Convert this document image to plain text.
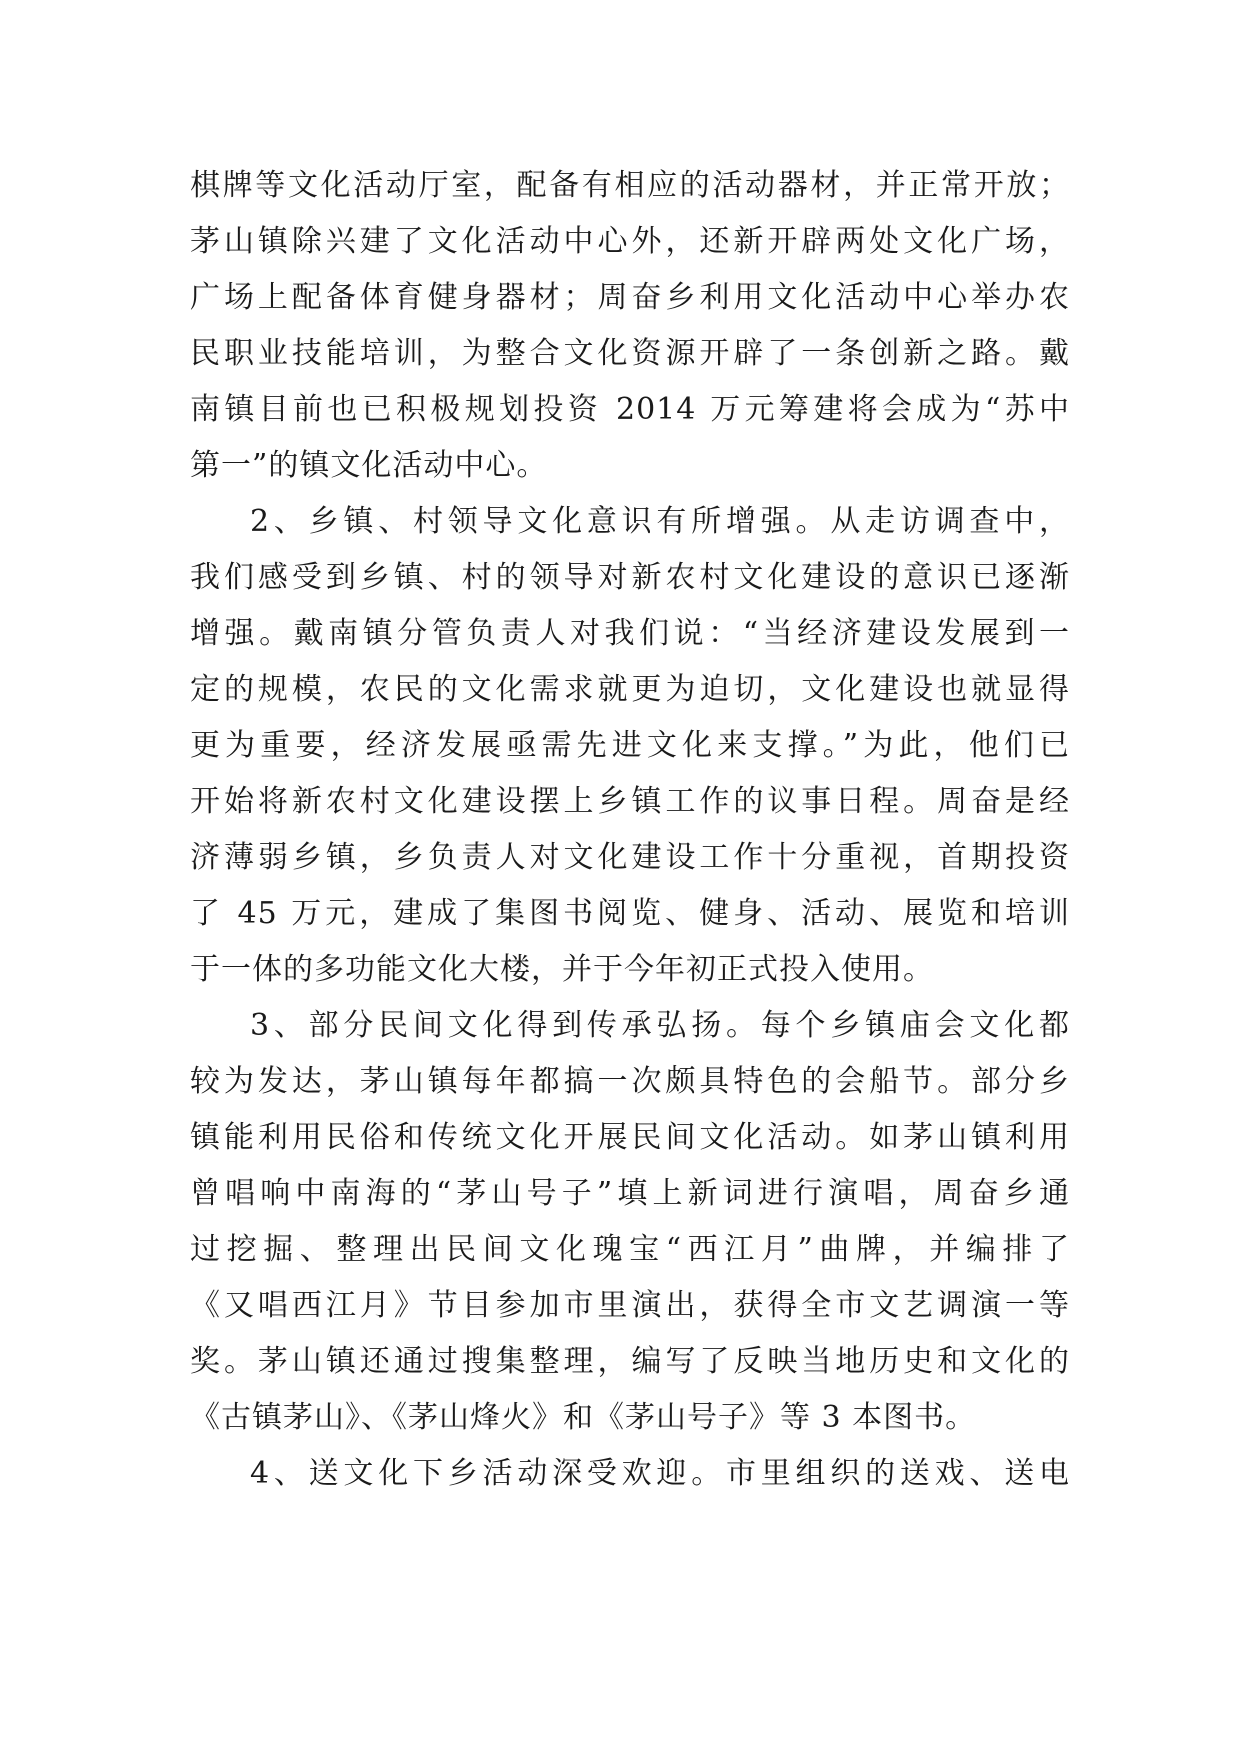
棋牌等文化活动厅室，配备有相应的活动器材，并正常开放；
茅山镇除兴建了文化活动中心外，还新开辟两处文化广场，
广场上配备体育健身器材；周奋乡利用文化活动中心举办农
民职业技能培训，为整合文化资源开辟了一条创新之路。戴
南镇目前也已积极规划投资 2014 万元筹建将会成为“苏中
第一”的镇文化活动中心。
2、乡镇、村领导文化意识有所增强。从走访调查中，
我们感受到乡镇、村的领导对新农村文化建设的意识已逐渐
增强。戴南镇分管负责人对我们说：“当经济建设发展到一
定的规模，农民的文化需求就更为迫切，文化建设也就显得
更为重要，经济发展亟需先进文化来支撑。”为此，他们已
开始将新农村文化建设摆上乡镇工作的议事日程。周奋是经
济薄弱乡镇，乡负责人对文化建设工作十分重视，首期投资
了 45 万元，建成了集图书阅览、健身、活动、展览和培训
于一体的多功能文化大楼，并于今年初正式投入使用。
3、部分民间文化得到传承弘扬。每个乡镇庙会文化都
较为发达，茅山镇每年都搞一次颇具特色的会船节。部分乡
镇能利用民俗和传统文化开展民间文化活动。如茅山镇利用
曾唱响中南海的“茅山号子”填上新词进行演唱，周奋乡通
过挖掘、整理出民间文化瑰宝“西江月”曲牌，并编排了
《又唱西江月》节目参加市里演出，获得全市文艺调演一等
奖。茅山镇还通过搜集整理，编写了反映当地历史和文化的
《古镇茅山》、《茅山烽火》和《茅山号子》等 3 本图书。
4、送文化下乡活动深受欢迎。市里组织的送戏、送电
